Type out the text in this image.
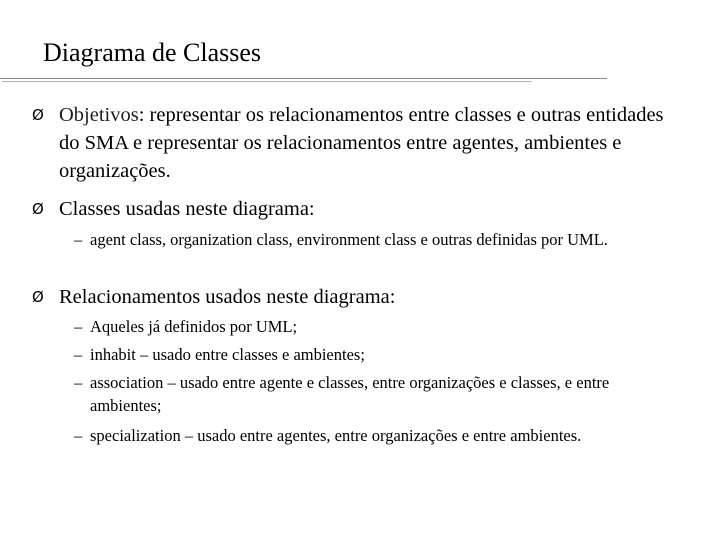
Diagrama de Classes
Ø Objetivos: representar os relacionamentos entre classes e outras entidades do SMA e representar os relacionamentos entre agentes, ambientes e organizações.
Ø Classes usadas neste diagrama:
– agent class, organization class, environment class e outras definidas por UML.
Ø Relacionamentos usados neste diagrama:
– Aqueles já definidos por UML;
– inhabit – usado entre classes e ambientes;
– association – usado entre agente e classes, entre organizações e classes, e entre ambientes;
– specialization – usado entre agentes, entre organizações e entre ambientes.
